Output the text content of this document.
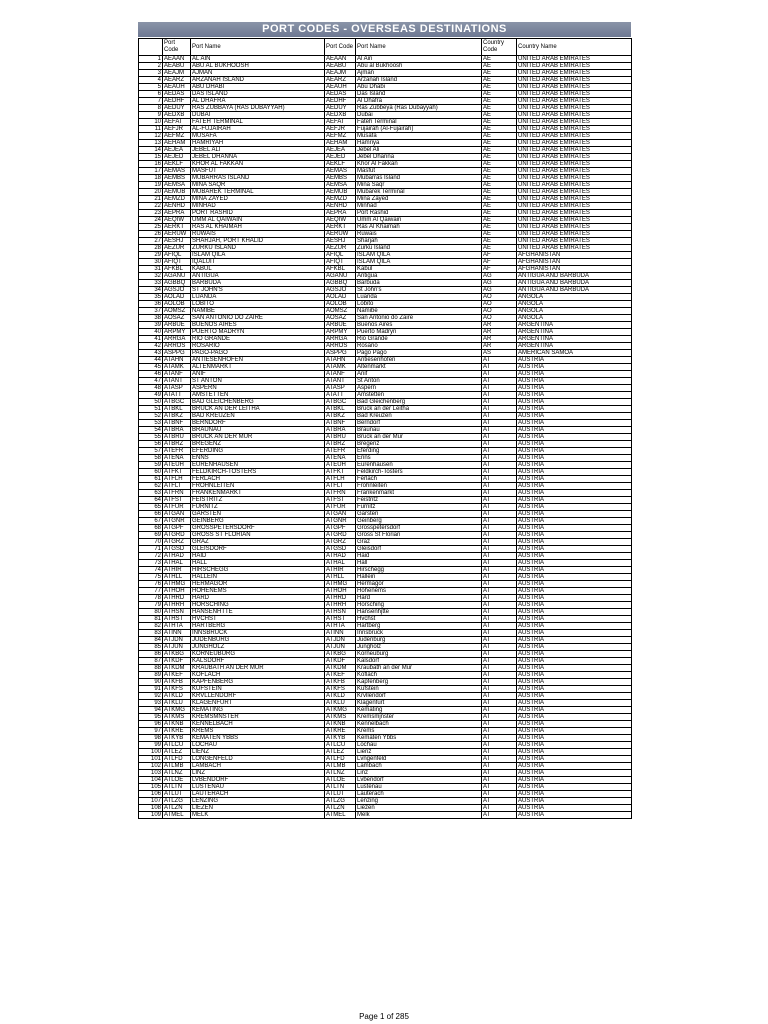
PORT CODES - OVERSEAS DESTINATIONS
	Port Code	Port Name	Port Code	Port Name	Country Code	Country Name
1	AEAAN	AL AIN	AEAAN	Al Ain	AE	UNITED ARAB EMIRATES
2	AEABU	ABU AL BUKHOOSH	AEABU	Abu al Bukhoosh	AE	UNITED ARAB EMIRATES
3	AEAJM	AJMAN	AEAJM	Ajman	AE	UNITED ARAB EMIRATES
4	AEARZ	ARZANAH ISLAND	AEARZ	Arzanah Island	AE	UNITED ARAB EMIRATES
5	AEAUH	ABU DHABI	AEAUH	Abu Dhabi	AE	UNITED ARAB EMIRATES
6	AEDAS	DAS ISLAND	AEDAS	Das Island	AE	UNITED ARAB EMIRATES
7	AEDHF	AL DHAFRA	AEDHF	Al Dhafra	AE	UNITED ARAB EMIRATES
8	AEDUY	RAS ZUBBAYA (RAS DUBAYYAH)	AEDUY	Ras Zubbeya (Ras Dubayyah)	AE	UNITED ARAB EMIRATES
9	AEDXB	DUBAI	AEDXB	Dubai	AE	UNITED ARAB EMIRATES
10	AEFAT	FATEH TERMINAL	AEFAT	Fateh Terminal	AE	UNITED ARAB EMIRATES
11	AEFJR	AL-FUJAIRAH	AEFJR	Fujairah (Al-Fujairah)	AE	UNITED ARAB EMIRATES
12	AEFMZ	MUSAFA	AEFMZ	Musafa	AE	UNITED ARAB EMIRATES
13	AEHAM	HAMRIYAH	AEHAM	Hamriya	AE	UNITED ARAB EMIRATES
14	AEJEA	JEBEL ALI	AEJEA	Jebel Ali	AE	UNITED ARAB EMIRATES
15	AEJED	JEBEL DHANNA	AEJED	Jebel Dhanna	AE	UNITED ARAB EMIRATES
16	AEKLF	KHOR AL FAKKAN	AEKLF	Khor Al Fakkan	AE	UNITED ARAB EMIRATES
17	AEMAS	MASFUT	AEMAS	Masfut	AE	UNITED ARAB EMIRATES
18	AEMBS	MUBARRAS ISLAND	AEMBS	Mubarras Island	AE	UNITED ARAB EMIRATES
19	AEMSA	MINA SAQR	AEMSA	Mina Saqr	AE	UNITED ARAB EMIRATES
20	AEMUB	MUBAREK TERMINAL	AEMUB	Mubarek Terminal	AE	UNITED ARAB EMIRATES
21	AEMZD	MINA ZAYED	AEMZD	Mina Zayed	AE	UNITED ARAB EMIRATES
22	AENHD	MINHAD	AENHD	Minhad	AE	UNITED ARAB EMIRATES
23	AEPRA	PORT RASHID	AEPRA	Port Rashid	AE	UNITED ARAB EMIRATES
24	AEQIW	UMM AL QAIWAIN	AEQIW	Umm Al Qaiwain	AE	UNITED ARAB EMIRATES
25	AERKT	RAS AL KHAIMAH	AERKT	Ras Al Khaimah	AE	UNITED ARAB EMIRATES
26	AERUW	RUWAIS	AERUW	Ruwais	AE	UNITED ARAB EMIRATES
27	AESHJ	SHARJAH, PORT KHALID	AESHJ	Sharjah	AE	UNITED ARAB EMIRATES
28	AEZUR	ZURKU ISLAND	AEZUR	Zurku Island	AE	UNITED ARAB EMIRATES
29	AFIQL	ISLAM QILA	AFIQL	ISLAM QILA	AF	AFGHANISTAN
30	AFIQT	IQALUIT	AFIQT	ISLAM QILA	AF	AFGHANISTAN
31	AFKBL	KABUL	AFKBL	Kabul	AF	AFGHANISTAN
32	AGANU	ANTIGUA	AGANU	Antigua	AG	ANTIGUA AND BARBUDA
33	AGBBQ	BARBUDA	AGBBQ	Barbuda	AG	ANTIGUA AND BARBUDA
34	AGSJO	ST JOHN'S	AGSJO	St John's	AG	ANTIGUA AND BARBUDA
35	AOLAD	LUANDA	AOLAD	Luanda	AO	ANGOLA
36	AOLOB	LOBITO	AOLOB	Lobito	AO	ANGOLA
37	AOMSZ	NAMIBE	AOMSZ	Namibe	AO	ANGOLA
38	AOSAZ	SAN ANTONIO DO ZAIRE	AOSAZ	San Antonio do Zaire	AO	ANGOLA
39	ARBUE	BUENOS AIRES	ARBUE	Buenos Aires	AR	ARGENTINA
40	ARPMY	PUERTO MADRYN	ARPMY	Puerto Madryn	AR	ARGENTINA
41	ARRGA	RIO GRANDE	ARRGA	Rio Grande	AR	ARGENTINA
42	ARROS	ROSARIO	ARROS	Rosario	AR	ARGENTINA
43	ASPPG	PAGO-PAGO	ASPPG	Pago Pago	AS	AMERICAN SAMOA
44	ATAHN	ANTIESENHOFEN	ATAHN	Antiesenhofen	AT	AUSTRIA
45	ATAMK	ALTENMARKT	ATAMK	Altenmarkt	AT	AUSTRIA
46	ATANF	ANIF	ATANF	Anif	AT	AUSTRIA
47	ATANT	ST ANTON	ATANT	St Anton	AT	AUSTRIA
48	ATASP	ASPERN	ATASP	Aspern	AT	AUSTRIA
49	ATATT	AMSTETTEN	ATATT	Amstetten	AT	AUSTRIA
50	ATBGC	BAD GLEICHENBERG	ATBGC	Bad Gleichenberg	AT	AUSTRIA
51	ATBKL	BRUCK AN DER LEITHA	ATBKL	Bruck an der Leitha	AT	AUSTRIA
52	ATBKZ	BAD KREUZEN	ATBKZ	Bad Kreuzen	AT	AUSTRIA
53	ATBNF	BERNDORF	ATBNF	Berndorf	AT	AUSTRIA
54	ATBRA	BRAUNAU	ATBRA	Braunau	AT	AUSTRIA
55	ATBRU	BRUCK AN DER MUR	ATBRU	Bruck an der Mur	AT	AUSTRIA
56	ATBRZ	BREGENZ	ATBRZ	Bregenz	AT	AUSTRIA
57	ATEFR	EFERDING	ATEFR	Eferding	AT	AUSTRIA
58	ATENA	ENNS	ATENA	Enns	AT	AUSTRIA
59	ATEUH	EURENHAUSEN	ATEUH	Eurenhausen	AT	AUSTRIA
60	ATFKT	FELDKIRCH-TOSTERS	ATFKT	Feldkirch-Tosters	AT	AUSTRIA
61	ATFLH	FERLACH	ATFLH	Ferlach	AT	AUSTRIA
62	ATFLT	FROHNLEITEN	ATFLT	Frohnleiten	AT	AUSTRIA
63	ATFRN	FRANKENMARKT	ATFRN	Frankenmarkt	AT	AUSTRIA
64	ATFST	FEISTRITZ	ATFST	Feistritz	AT	AUSTRIA
65	ATFUR	FURNITZ	ATFUR	Furnitz	AT	AUSTRIA
66	ATGAN	GARSTEN	ATGAN	Garsten	AT	AUSTRIA
67	ATGNR	GEINBERG	ATGNR	Geinberg	AT	AUSTRIA
68	ATGPF	GROSSPETERSDORF	ATGPF	Grosspetersdorf	AT	AUSTRIA
69	ATGRD	GROSS ST FLORIAN	ATGRD	Gross St Florian	AT	AUSTRIA
70	ATGRZ	GRAZ	ATGRZ	Graz	AT	AUSTRIA
71	ATGSD	GLEISDORF	ATGSD	Gleisdorf	AT	AUSTRIA
72	ATHAD	HAID	ATHAD	Haid	AT	AUSTRIA
73	ATHAL	HALL	ATHAL	Hall	AT	AUSTRIA
74	ATHIR	HIRSCHEGG	ATHIR	Hirschegg	AT	AUSTRIA
75	ATHLL	HALLEIN	ATHLL	Hallein	AT	AUSTRIA
76	ATHMG	HERMAGOR	ATHMG	Hermagor	AT	AUSTRIA
77	ATHOH	HOHENEMS	ATHOH	Hohenems	AT	AUSTRIA
78	ATHRD	HARD	ATHRD	Hard	AT	AUSTRIA
79	ATHRH	HORSCHING	ATHRH	Horsching	AT	AUSTRIA
80	ATHSN	HANSENHTTE	ATHSN	Hansenhjtte	AT	AUSTRIA
81	ATHST	HVCHST	ATHST	Hvchst	AT	AUSTRIA
82	ATHTA	HARTBERG	ATHTA	Hartberg	AT	AUSTRIA
83	ATINN	INNSBRUCK	ATINN	Innsbruck	AT	AUSTRIA
84	ATJDN	JUDENBURG	ATJDN	Judenburg	AT	AUSTRIA
85	ATJUN	JUNGHOLZ	ATJUN	Jungholz	AT	AUSTRIA
86	ATKBG	KORNEUBURG	ATKBG	Korneuburg	AT	AUSTRIA
87	ATKDF	KALSDORF	ATKDF	Kalsdorf	AT	AUSTRIA
88	ATKDM	KRAUBATH AN DER MUR	ATKDM	Kraubath an der Mur	AT	AUSTRIA
89	ATKEF	KOFLACH	ATKEF	Koflach	AT	AUSTRIA
90	ATKFB	KAPFENBERG	ATKFB	Kapfenberg	AT	AUSTRIA
91	ATKFS	KUFSTEIN	ATKFS	Kufstein	AT	AUSTRIA
92	ATKLD	KRVLLENDORF	ATKLD	Krvllendorf	AT	AUSTRIA
93	ATKLU	KLAGENFURT	ATKLU	Klagenfurt	AT	AUSTRIA
94	ATKMG	KEMATING	ATKMG	Kemating	AT	AUSTRIA
95	ATKMS	KREMSMNSTER	ATKMS	Kremsmjnster	AT	AUSTRIA
96	ATKNB	KENNELBACH	ATKNB	Kennelbach	AT	AUSTRIA
97	ATKRE	KREMS	ATKRE	Krems	AT	AUSTRIA
98	ATKYB	KEMATEN YBBS	ATKYB	Kematen Ybbs	AT	AUSTRIA
99	ATLCU	LOCHAU	ATLCU	Lochau	AT	AUSTRIA
100	ATLEZ	LIENZ	ATLEZ	Lienz	AT	AUSTRIA
101	ATLFD	LONGENFELD	ATLFD	Lvngenfeld	AT	AUSTRIA
102	ATLMB	LAMBACH	ATLMB	Lambach	AT	AUSTRIA
103	ATLNZ	LINZ	ATLNZ	Linz	AT	AUSTRIA
104	ATLOE	LVBENDORF	ATLOE	Lvbendorf	AT	AUSTRIA
105	ATLTN	LUSTENAU	ATLTN	Lustenau	AT	AUSTRIA
106	ATLUT	LAUTERACH	ATLUT	Lauterach	AT	AUSTRIA
107	ATLZG	LENZING	ATLZG	Lenzing	AT	AUSTRIA
108	ATLZN	LIEZEN	ATLZN	Liezen	AT	AUSTRIA
109	ATMEL	MELK	ATMEL	Melk	AT	AUSTRIA
Page 1 of 285
